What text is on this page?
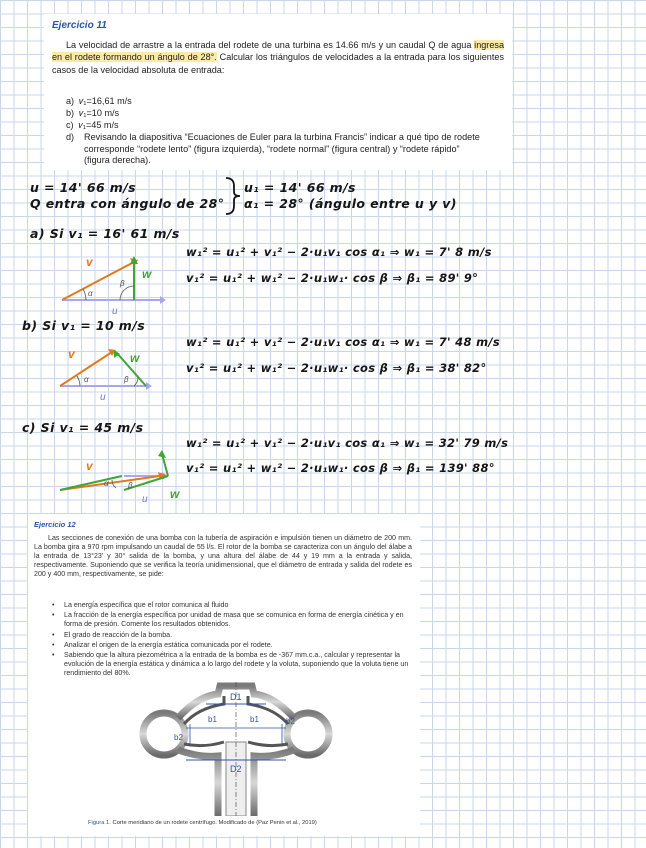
Ejercicio 11
La velocidad de arrastre a la entrada del rodete de una turbina es 14.66 m/s y un caudal Q de agua ingresa en el rodete formando un ángulo de 28°. Calcular los triángulos de velocidades a la entrada para los siguientes casos de la velocidad absoluta de entrada:
a) 𝑣₁=16,61 m/s
b) 𝑣₁=10 m/s
c) 𝑣₁=45 m/s
d)	Revisando la diapositiva “Ecuaciones de Euler para la turbina Francis” indicar a qué tipo de rodete corresponde “rodete lento” (figura izquierda), “rodete normal” (figura central) y “rodete rápido” (figura derecha).
u = 14' 66 m/s
Q entra con ángulo de 28°
u₁ = 14' 66 m/s
α₁ = 28° (ángulo entre u y v)
a) Si v₁ = 16' 61 m/s
w₁² = u₁² + v₁² − 2·u₁v₁ cos α₁ ⇒ w₁ = 7' 8 m/s
v₁² = u₁² + w₁² − 2·u₁w₁· cos β ⇒ β₁ = 89' 9°
v
w
u
α
β
b) Si v₁ = 10 m/s
w₁² = u₁² + v₁² − 2·u₁v₁ cos α₁ ⇒ w₁ = 7' 48 m/s
v₁² = u₁² + w₁² − 2·u₁w₁· cos β ⇒ β₁ = 38' 82°
v	w
u
α	β
c) Si v₁ = 45 m/s
w₁² = u₁² + v₁² − 2·u₁v₁ cos α₁ ⇒ w₁ = 32' 79 m/s
v₁² = u₁² + w₁² − 2·u₁w₁· cos β ⇒ β₁ = 139' 88°
v
w
u
α β
Ejercicio 12
Las secciones de conexión de una bomba con la tubería de aspiración e impulsión tienen un diámetro de 200 mm. La bomba gira a 970 rpm impulsando un caudal de 55 l/s. El rotor de la bomba se caracteriza con un ángulo del álabe a la entrada de 13°23' y 30° salida de la bomba, y una altura del álabe de 44 y 19 mm a la entrada y salida, respectivamente. Suponiendo que se verifica la teoría unidimensional, que el diámetro de entrada y salida del rodete es 200 y 400 mm, respectivamente, se pide:
• La energía específica que el rotor comunica al fluido
• La fracción de la energía específica por unidad de masa que se comunica en forma de energía cinética y en forma de presión. Comente los resultados obtenidos.
• El grado de reacción de la bomba.
• Analizar el origen de la energía estática comunicada por el rodete.
• Sabiendo que la altura piezométrica a la entrada de la bomba es de -367 mm.c.a., calcular y representar la evolución de la energía estática y dinámica a lo largo del rodete y la voluta, suponiendo que la voluta tiene un rendimiento del 80%.
D1
D2
b1	b1
b2
b2
Figura 1. Corte meridiano de un rodete centrífugo. Modificado de (Paz Penin et al., 2019)
